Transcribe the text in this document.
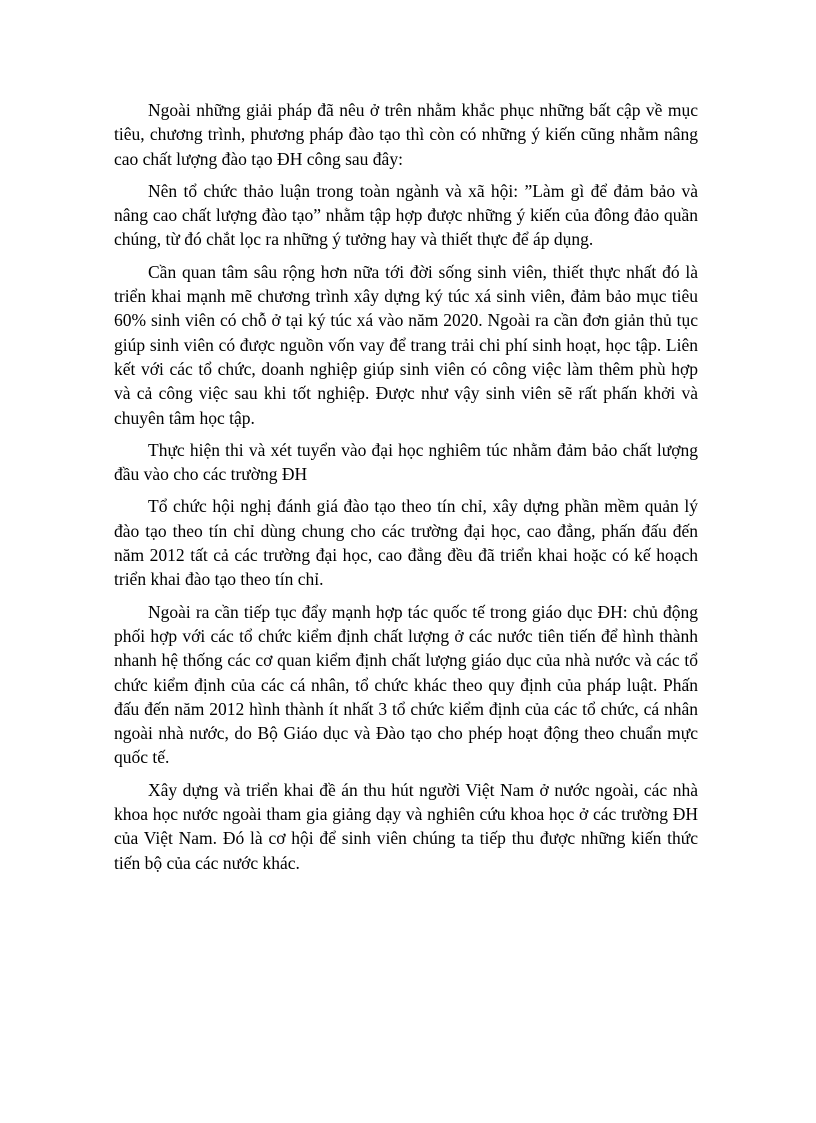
Ngoài những giải pháp đã nêu ở trên nhằm khắc phục những bất cập về mục tiêu, chương trình, phương pháp đào tạo thì còn có những ý kiến cũng nhằm nâng cao chất lượng đào tạo ĐH công sau đây:

Nên tổ chức thảo luận trong toàn ngành và xã hội: ”Làm gì để đảm bảo và nâng cao chất lượng đào tạo” nhằm tập hợp được những ý kiến của đông đảo quần chúng, từ đó chắt lọc ra những ý tưởng hay và thiết thực để áp dụng.

Cần quan tâm sâu rộng hơn nữa tới đời sống sinh viên, thiết thực nhất đó là triển khai mạnh mẽ chương trình xây dựng ký túc xá sinh viên, đảm bảo mục tiêu 60% sinh viên có chỗ ở tại ký túc xá vào năm 2020. Ngoài ra cần đơn giản thủ tục giúp sinh viên có được nguồn vốn vay để trang trải chi phí sinh hoạt, học tập. Liên kết với các tổ chức, doanh nghiệp giúp sinh viên có công việc làm thêm phù hợp và cả công việc sau khi tốt nghiệp. Được như vậy sinh viên sẽ rất phấn khởi và chuyên tâm học tập.

Thực hiện thi và xét tuyển vào đại học nghiêm túc nhằm đảm bảo chất lượng đầu vào cho các trường ĐH

Tổ chức hội nghị đánh giá đào tạo theo tín chỉ, xây dựng phần mềm quản lý đào tạo theo tín chỉ dùng chung cho các trường đại học, cao đẳng, phấn đấu đến năm 2012 tất cả các trường đại học, cao đẳng đều đã triển khai hoặc có kế hoạch triển khai đào tạo theo tín chỉ.

Ngoài ra cần tiếp tục đẩy mạnh hợp tác quốc tế trong giáo dục ĐH: chủ động phối hợp với các tổ chức kiểm định chất lượng ở các nước tiên tiến để hình thành nhanh hệ thống các cơ quan kiểm định chất lượng giáo dục của nhà nước và các tổ chức kiểm định của các cá nhân, tổ chức khác theo quy định của pháp luật. Phấn đấu đến năm 2012 hình thành ít nhất 3 tổ chức kiểm định của các tổ chức, cá nhân ngoài nhà nước, do Bộ Giáo dục và Đào tạo cho phép hoạt động theo chuẩn mực quốc tế.

Xây dựng và triển khai đề án thu hút người Việt Nam ở nước ngoài, các nhà khoa học nước ngoài tham gia giảng dạy và nghiên cứu khoa học ở các trường ĐH của Việt Nam. Đó là cơ hội để sinh viên chúng ta tiếp thu được những kiến thức tiến bộ của các nước khác.
